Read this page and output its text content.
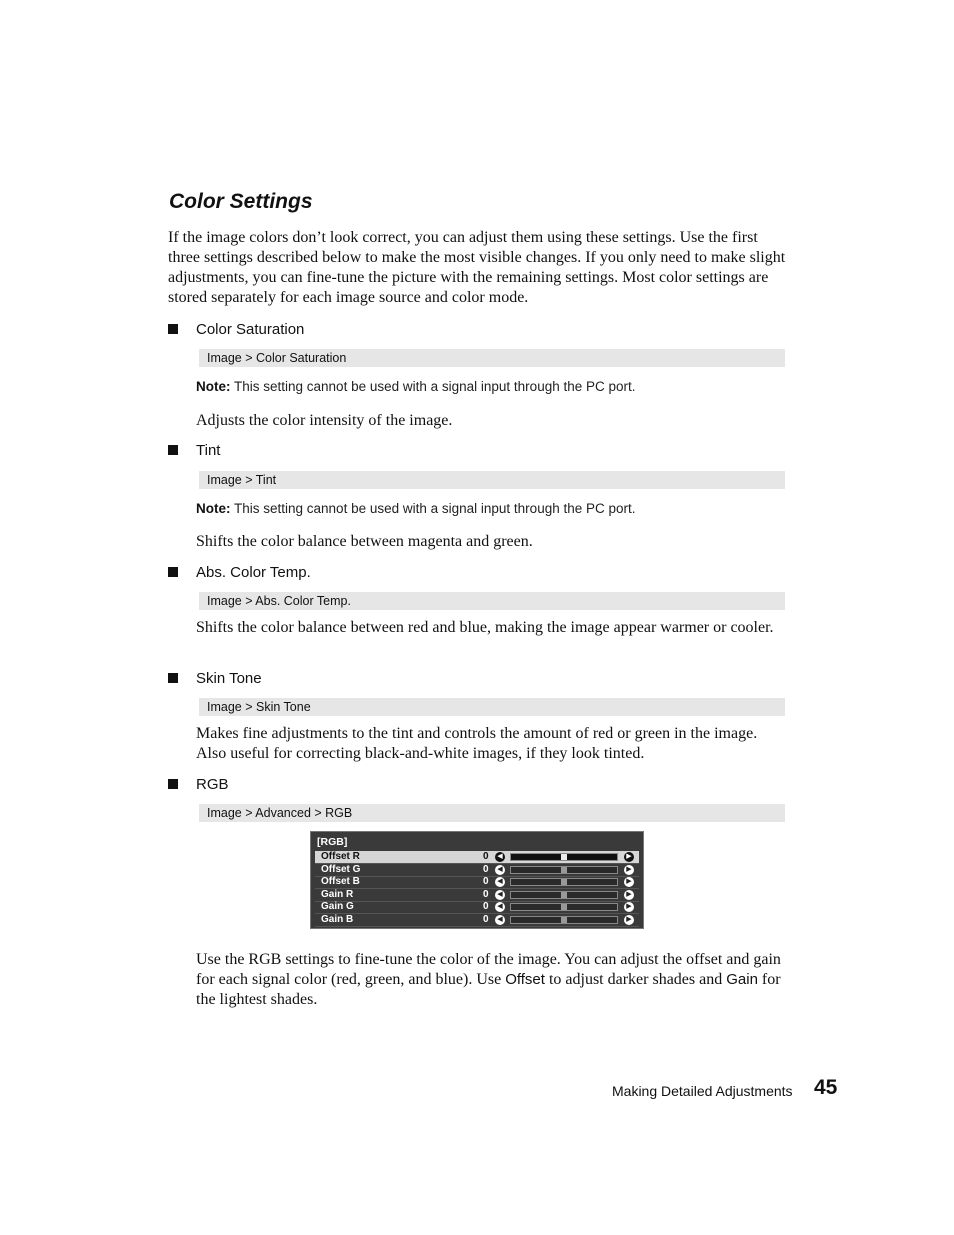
Color Settings

If the image colors don’t look correct, you can adjust them using these settings. Use the first three settings described below to make the most visible changes. If you only need to make slight adjustments, you can fine-tune the picture with the remaining settings. Most color settings are stored separately for each image source and color mode.

Color Saturation
Image > Color Saturation
Note: This setting cannot be used with a signal input through the PC port.

Adjusts the color intensity of the image.

Tint
Image > Tint
Note: This setting cannot be used with a signal input through the PC port.

Shifts the color balance between magenta and green.

Abs. Color Temp.
Image > Abs. Color Temp.

Shifts the color balance between red and blue, making the image appear warmer or cooler.

Skin Tone
Image > Skin Tone

Makes fine adjustments to the tint and controls the amount of red or green in the image. Also useful for correcting black-and-white images, if they look tinted.

RGB
Image > Advanced > RGB
[RGB]
Offset R	0	◀	▶
Offset G	0	◀	▶
Offset B	0	◀	▶
Gain R	0	◀	▶
Gain G	0	◀	▶
Gain B	0	◀	▶

Use the RGB settings to fine-tune the color of the image. You can adjust the offset and gain for each signal color (red, green, and blue). Use Offset to adjust darker shades and Gain for the lightest shades.

Making Detailed Adjustments 45
